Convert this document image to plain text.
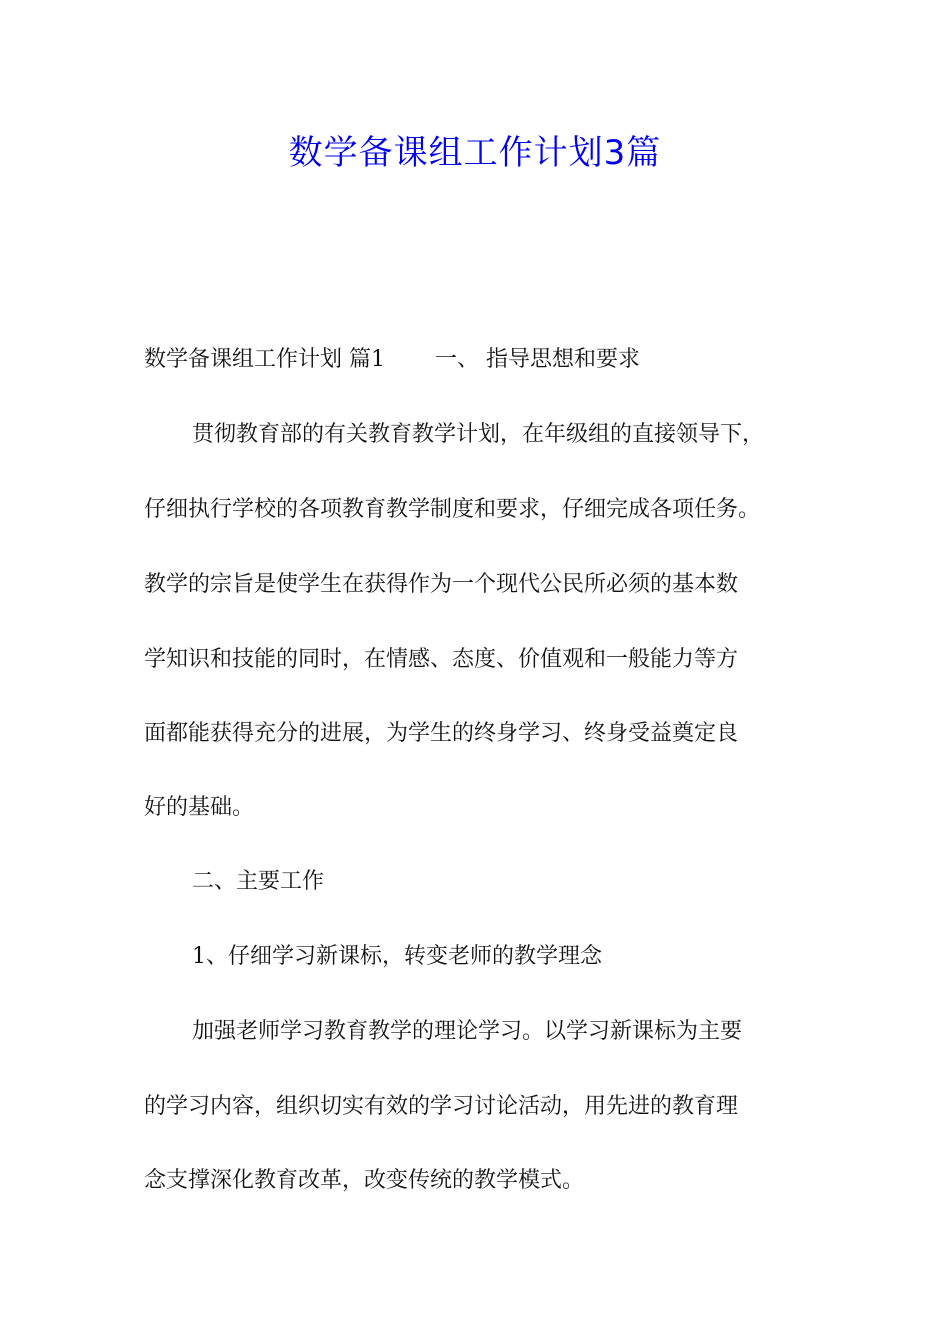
数学备课组工作计划3篇
数学备课组工作计划 篇1 一、 指导思想和要求
贯彻教育部的有关教育教学计划，在年级组的直接领导下，
仔细执行学校的各项教育教学制度和要求，仔细完成各项任务。
教学的宗旨是使学生在获得作为一个现代公民所必须的基本数
学知识和技能的同时，在情感、态度、价值观和一般能力等方
面都能获得充分的进展，为学生的终身学习、终身受益奠定良
好的基础。
二、主要工作
1、仔细学习新课标，转变老师的教学理念
加强老师学习教育教学的理论学习。以学习新课标为主要
的学习内容，组织切实有效的学习讨论活动，用先进的教育理
念支撑深化教育改革，改变传统的教学模式。
